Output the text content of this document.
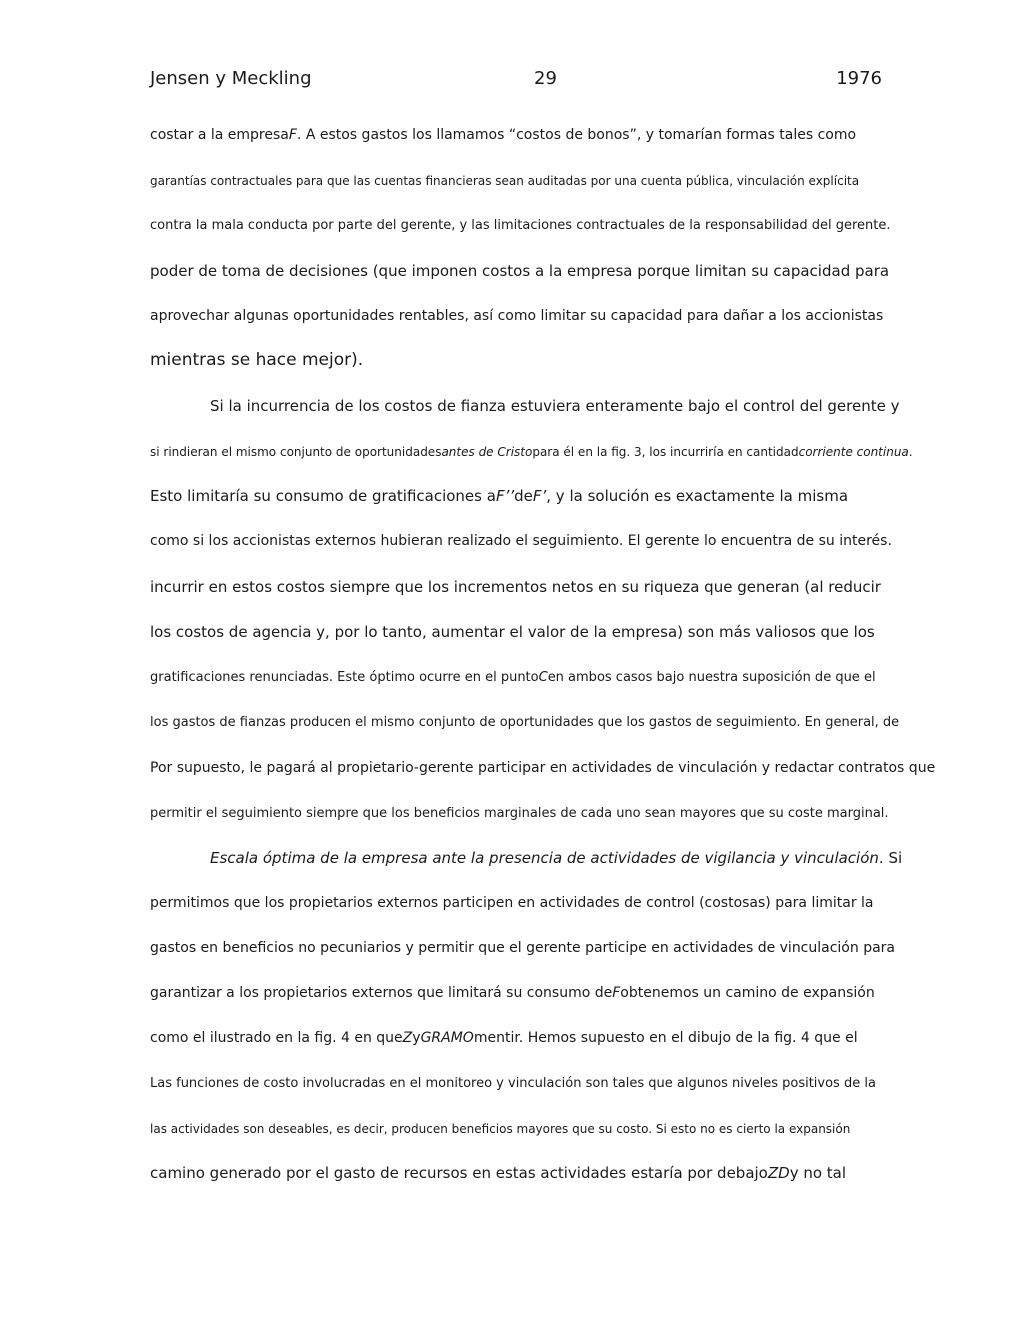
Jensen y Meckling	29	1976
costar a la empresaF. A estos gastos los llamamos “costos de bonos”, y tomarían formas tales como
garantías contractuales para que las cuentas financieras sean auditadas por una cuenta pública, vinculación explícita
contra la mala conducta por parte del gerente, y las limitaciones contractuales de la responsabilidad del gerente.
poder de toma de decisiones (que imponen costos a la empresa porque limitan su capacidad para
aprovechar algunas oportunidades rentables, así como limitar su capacidad para dañar a los accionistas
mientras se hace mejor).
Si la incurrencia de los costos de fianza estuviera enteramente bajo el control del gerente y
si rindieran el mismo conjunto de oportunidadesantes de Cristopara él en la fig. 3, los incurriría en cantidadcorriente continua.
Esto limitaría su consumo de gratificaciones aF’’deF’, y la solución es exactamente la misma
como si los accionistas externos hubieran realizado el seguimiento. El gerente lo encuentra de su interés.
incurrir en estos costos siempre que los incrementos netos en su riqueza que generan (al reducir
los costos de agencia y, por lo tanto, aumentar el valor de la empresa) son más valiosos que los
gratificaciones renunciadas. Este óptimo ocurre en el puntoCen ambos casos bajo nuestra suposición de que el
los gastos de fianzas producen el mismo conjunto de oportunidades que los gastos de seguimiento. En general, de
Por supuesto, le pagará al propietario-gerente participar en actividades de vinculación y redactar contratos que
permitir el seguimiento siempre que los beneficios marginales de cada uno sean mayores que su coste marginal.
Escala óptima de la empresa ante la presencia de actividades de vigilancia y vinculación. Si
permitimos que los propietarios externos participen en actividades de control (costosas) para limitar la
gastos en beneficios no pecuniarios y permitir que el gerente participe en actividades de vinculación para
garantizar a los propietarios externos que limitará su consumo deFobtenemos un camino de expansión
como el ilustrado en la fig. 4 en queZyGRAMOmentir. Hemos supuesto en el dibujo de la fig. 4 que el
Las funciones de costo involucradas en el monitoreo y vinculación son tales que algunos niveles positivos de la
las actividades son deseables, es decir, producen beneficios mayores que su costo. Si esto no es cierto la expansión
camino generado por el gasto de recursos en estas actividades estaría por debajoZDy no tal
